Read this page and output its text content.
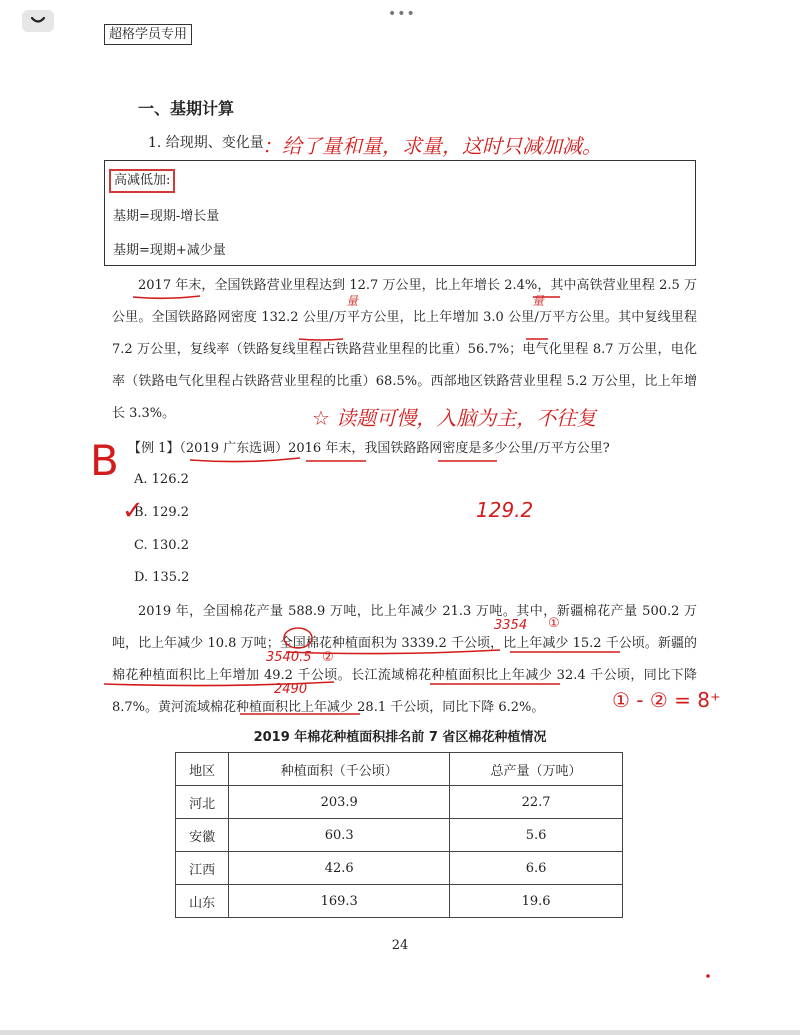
•••
超格学员专用
一、基期计算
1. 给现期、变化量
高减低加:
基期=现期-增长量
基期=现期+减少量
2017 年末，全国铁路营业里程达到 12.7 万公里，比上年增长 2.4%，其中高铁营业里程 2.5 万公里。全国铁路路网密度 132.2 公里/万平方公里，比上年增加 3.0 公里/万平方公里。其中复线里程 7.2 万公里，复线率（铁路复线里程占铁路营业里程的比重）56.7%；电气化里程 8.7 万公里，电化率（铁路电气化里程占铁路营业里程的比重）68.5%。西部地区铁路营业里程 5.2 万公里，比上年增长 3.3%。
【例 1】（2019 广东选调）2016 年末，我国铁路路网密度是多少公里/万平方公里?
A. 126.2
B. 129.2
C. 130.2
D. 135.2
2019 年，全国棉花产量 588.9 万吨，比上年减少 21.3 万吨。其中，新疆棉花产量 500.2 万吨，比上年减少 10.8 万吨；全国棉花种植面积为 3339.2 千公顷，比上年减少 15.2 千公顷。新疆的棉花种植面积比上年增加 49.2 千公顷。长江流域棉花种植面积比上年减少 32.4 千公顷，同比下降 8.7%。黄河流域棉花种植面积比上年减少 28.1 千公顷，同比下降 6.2%。
2019 年棉花种植面积排名前 7 省区棉花种植情况
地区	种植面积（千公顷）	总产量（万吨）
河北	203.9	22.7
安徽	60.3	5.6
江西	42.6	6.6
山东	169.3	19.6
24
：给了量和量，求量，这时只减加减。
量	量
☆ 读题可慢，入脑为主，不往复
B
✓	129.2
3354 ①
3540.5 ②
2490	① - ② = 8⁺
